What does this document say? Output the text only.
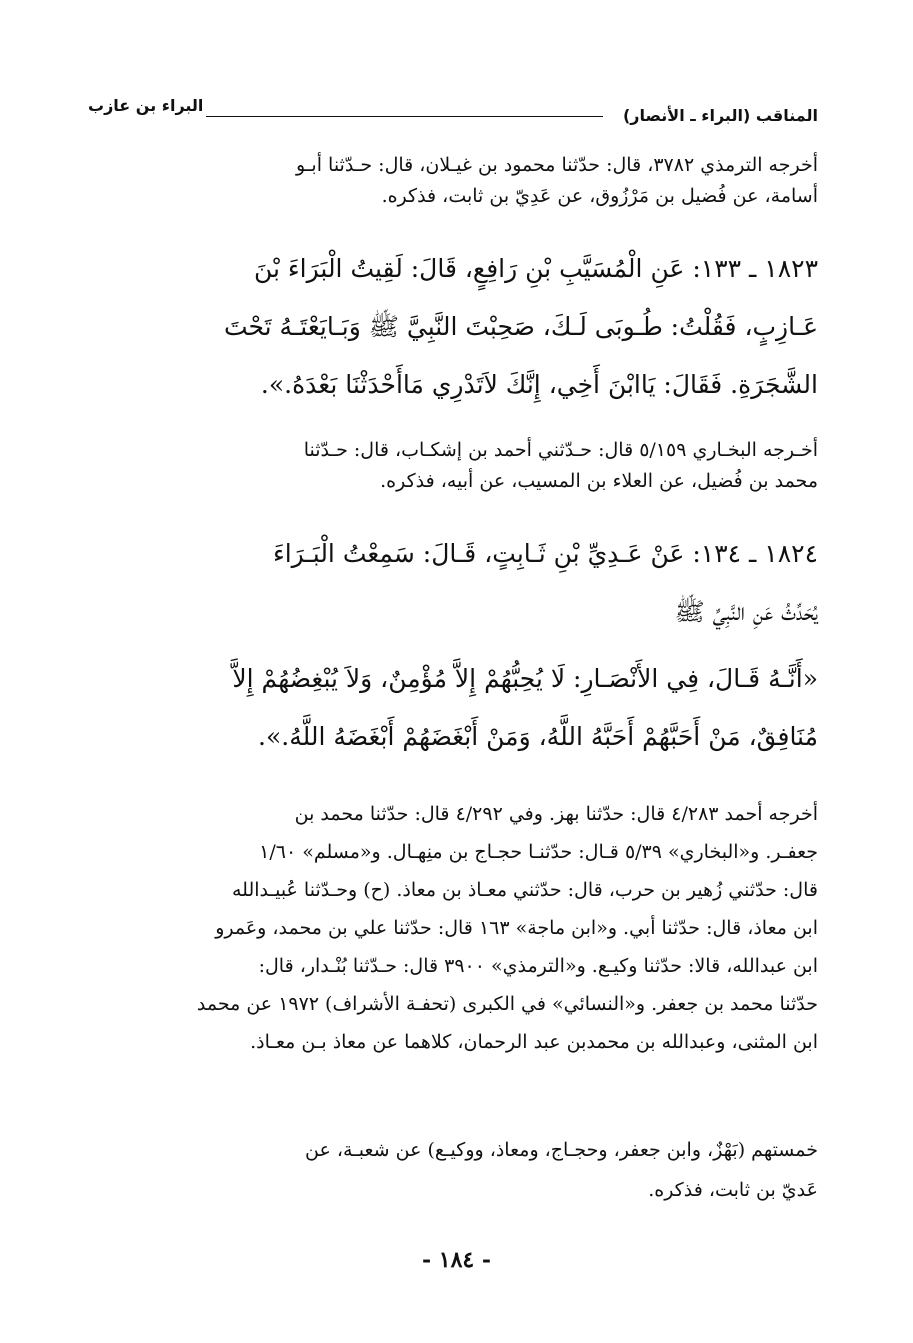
المناقب (البراء ـ الأنصار)
البراء بن عازب
أخرجه الترمذي ٣٧٨٢، قال: حدّثنا محمود بن غيـلان، قال: حـدّثنا أبـو
أسامة، عن فُضيل بن مَرْزُوق، عن عَدِيّ بن ثابت، فذكره.
١٨٢٣ ـ ١٣٣: عَنِ الْمُسَيَّبِ بْنِ رَافِعٍ، قَالَ: لَقِيتُ الْبَرَاءَ بْنَ
عَـازِبٍ، فَقُلْتُ: طُـوبَى لَـكَ، صَحِبْتَ النَّبِيَّ ﷺ وَبَـايَعْتَـهُ تَحْتَ
الشَّجَرَةِ. فَقَالَ: يَاابْنَ أَخِي، إِنَّكَ لاَتَدْرِي مَاأَحْدَثْنَا بَعْدَهُ.».
أخـرجه البخـاري ٥/١٥٩ قال: حـدّثني أحمد بن إشكـاب، قال: حـدّثنا
محمد بن فُضيل، عن العلاء بن المسيب، عن أبيه، فذكره.
١٨٢٤ ـ ١٣٤: عَنْ عَـدِيِّ بْنِ ثَـابِتٍ، قَـالَ: سَمِعْتُ الْبَـرَاءَ
يُحَدِّثُ عَنِ النَّبِيِّ ﷺ
«أَنَّـهُ قَـالَ، فِي الأَنْصَـارِ: لَا يُحِبُّهُمْ إِلاَّ مُؤْمِنٌ، وَلاَ يُبْغِضُهُمْ إِلاَّ
مُنَافِقٌ، مَنْ أَحَبَّهُمْ أَحَبَّهُ اللَّهُ، وَمَنْ أَبْغَضَهُمْ أَبْغَضَهُ اللَّهُ.».
أخرجه أحمد ٤/٢٨٣ قال: حدّثنا بهز. وفي ٤/٢٩٢ قال: حدّثنا محمد بن
جعفـر. و«البخاري» ٥/٣٩ قـال: حدّثنـا حجـاج بن منِهـال. و«مسلم» ١/٦٠
قال: حدّثني زُهير بن حرب، قال: حدّثني معـاذ بن معاذ. (ح) وحـدّثنا عُبيـدالله
ابن معاذ، قال: حدّثنا أبي. و«ابن ماجة» ١٦٣ قال: حدّثنا علي بن محمد، وعَمرو
ابن عبدالله، قالا: حدّثنا وكيـع. و«الترمذي» ٣٩٠٠ قال: حـدّثنا بُنْـدار، قال:
حدّثنا محمد بن جعفر. و«النسائي» في الكبرى (تحفـة الأشراف) ١٩٧٢ عن محمد
ابن المثنى، وعبدالله بن محمدبن عبد الرحمان، كلاهما عن معاذ بـن معـاذ.
خمستهم (بَهْزٌ، وابن جعفر، وحجـاج، ومعاذ، ووكيـع) عن شعبـة، عن
عَديّ بن ثابت، فذكره.
- ١٨٤ -
